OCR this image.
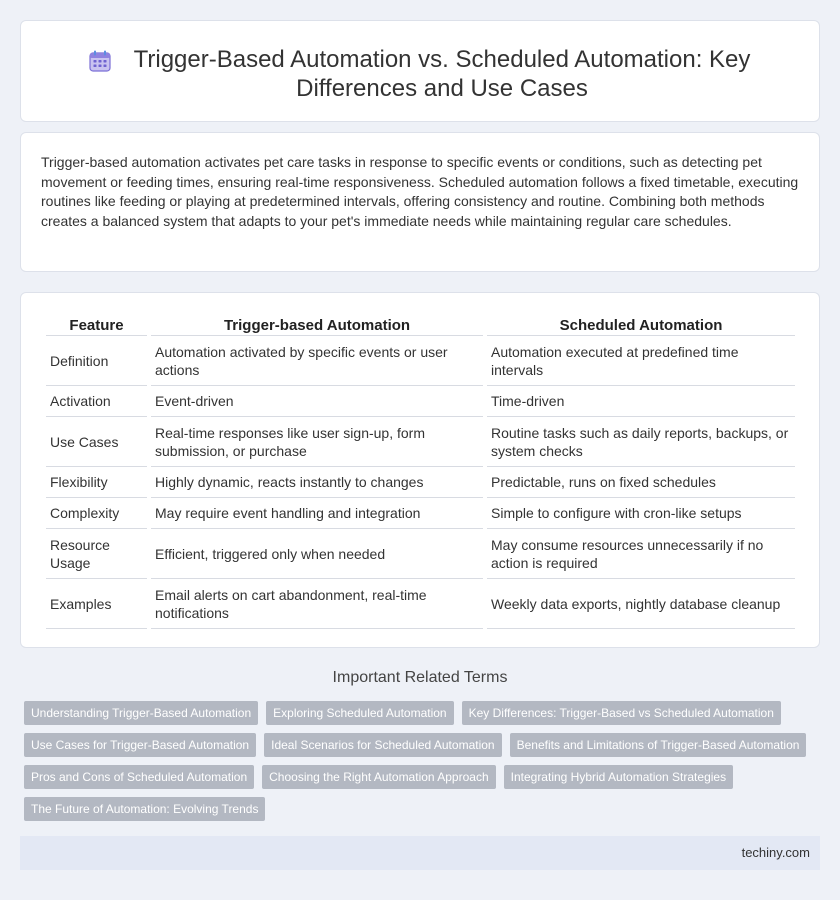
Trigger-Based Automation vs. Scheduled Automation: Key Differences and Use Cases

Trigger-based automation activates pet care tasks in response to specific events or conditions, such as detecting pet movement or feeding times, ensuring real-time responsiveness. Scheduled automation follows a fixed timetable, executing routines like feeding or playing at predetermined intervals, offering consistency and routine. Combining both methods creates a balanced system that adapts to your pet's immediate needs while maintaining regular care schedules.

Feature	Trigger-based Automation	Scheduled Automation
Definition	Automation activated by specific events or user actions	Automation executed at predefined time intervals
Activation	Event-driven	Time-driven
Use Cases	Real-time responses like user sign-up, form submission, or purchase	Routine tasks such as daily reports, backups, or system checks
Flexibility	Highly dynamic, reacts instantly to changes	Predictable, runs on fixed schedules
Complexity	May require event handling and integration	Simple to configure with cron-like setups
Resource Usage	Efficient, triggered only when needed	May consume resources unnecessarily if no action is required
Examples	Email alerts on cart abandonment, real-time notifications	Weekly data exports, nightly database cleanup
Important Related Terms
Understanding Trigger-Based Automation	Exploring Scheduled Automation	Key Differences: Trigger-Based vs Scheduled Automation
Use Cases for Trigger-Based Automation	Ideal Scenarios for Scheduled Automation	Benefits and Limitations of Trigger-Based Automation
Pros and Cons of Scheduled Automation	Choosing the Right Automation Approach	Integrating Hybrid Automation Strategies
The Future of Automation: Evolving Trends
techiny.com
